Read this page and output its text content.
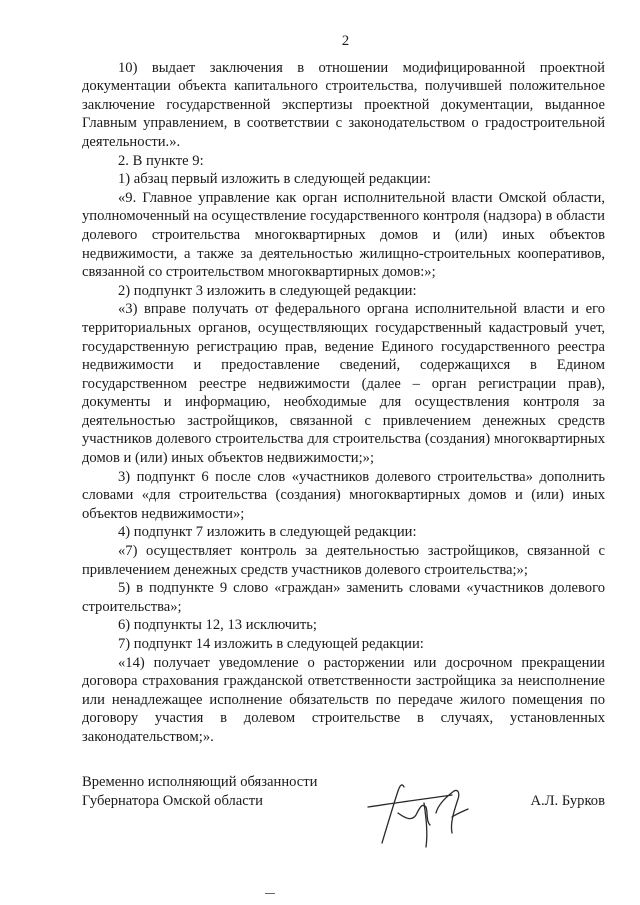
2

10) выдает заключения в отношении модифицированной проектной документации объекта капитального строительства, получившей положительное заключение государственной экспертизы проектной документации, выданное Главным управлением, в соответствии с законодательством о градостроительной деятельности.».

2. В пункте 9:

1) абзац первый изложить в следующей редакции:

«9. Главное управление как орган исполнительной власти Омской области, уполномоченный на осуществление государственного контроля (надзора) в области долевого строительства многоквартирных домов и (или) иных объектов недвижимости, а также за деятельностью жилищно-строительных кооперативов, связанной со строительством многоквартирных домов:»;

2) подпункт 3 изложить в следующей редакции:

«3) вправе получать от федерального органа исполнительной власти и его территориальных органов, осуществляющих государственный кадастровый учет, государственную регистрацию прав, ведение Единого государственного реестра недвижимости и предоставление сведений, содержащихся в Едином государственном реестре недвижимости (далее – орган регистрации прав), документы и информацию, необходимые для осуществления контроля за деятельностью застройщиков, связанной с привлечением денежных средств участников долевого строительства для строительства (создания) многоквартирных домов и (или) иных объектов недвижимости;»;

3) подпункт 6 после слов «участников долевого строительства» дополнить словами «для строительства (создания) многоквартирных домов и (или) иных объектов недвижимости»;

4) подпункт 7 изложить в следующей редакции:

«7) осуществляет контроль за деятельностью застройщиков, связанной с привлечением денежных средств участников долевого строительства;»;

5) в подпункте 9 слово «граждан» заменить словами «участников долевого строительства»;

6) подпункты 12, 13 исключить;

7) подпункт 14 изложить в следующей редакции:

«14) получает уведомление о расторжении или досрочном прекращении договора страхования гражданской ответственности застройщика за неисполнение или ненадлежащее исполнение обязательств по передаче жилого помещения по договору участия в долевом строительстве в случаях, установленных законодательством;».

Временно исполняющий обязанности

Губернатора Омской области	А.Л. Бурков
